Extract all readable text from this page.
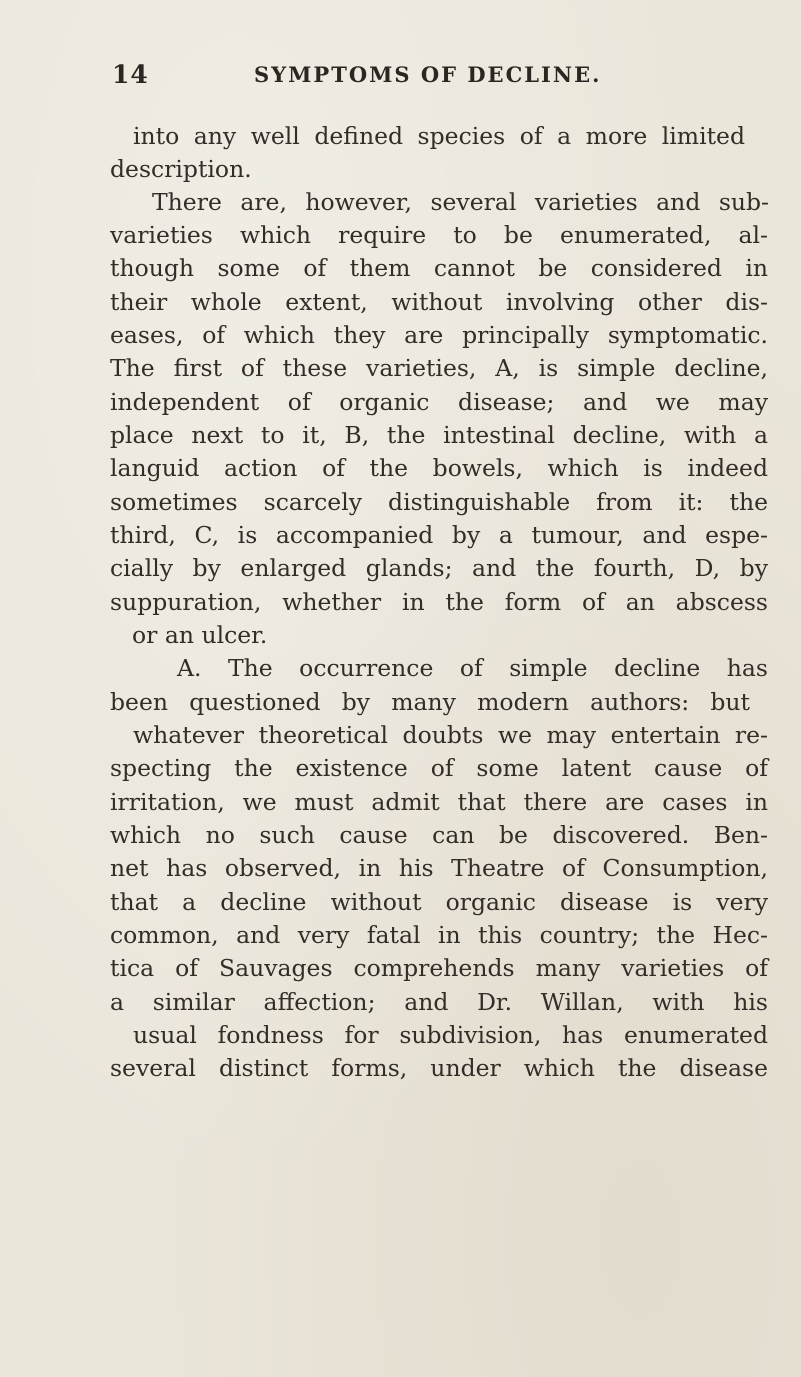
14	SYMPTOMS OF DECLINE.
into any well defined species of a more limited
description.
There are, however, several varieties and sub-
varieties which require to be enumerated, al-
though some of them cannot be considered in
their whole extent, without involving other dis-
eases, of which they are principally symptomatic.
The first of these varieties, A, is simple decline,
independent of organic disease; and we may
place next to it, B, the intestinal decline, with a
languid action of the bowels, which is indeed
sometimes scarcely distinguishable from it: the
third, C, is accompanied by a tumour, and espe-
cially by enlarged glands; and the fourth, D, by
suppuration, whether in the form of an abscess
or an ulcer.
A. The occurrence of simple decline has
been questioned by many modern authors: but
whatever theoretical doubts we may entertain re-
specting the existence of some latent cause of
irritation, we must admit that there are cases in
which no such cause can be discovered. Ben-
net has observed, in his Theatre of Consumption,
that a decline without organic disease is very
common, and very fatal in this country; the Hec-
tica of Sauvages comprehends many varieties of
a similar affection; and Dr. Willan, with his
usual fondness for subdivision, has enumerated
several distinct forms, under which the disease
